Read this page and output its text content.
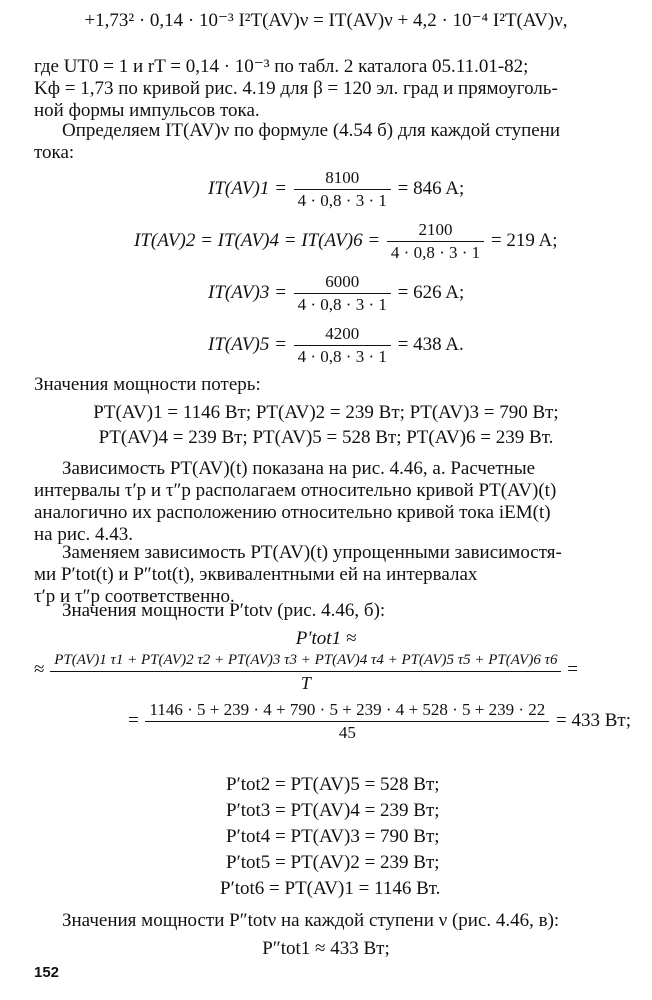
+1,73² · 0,14 · 10⁻³ I²T(AV)ν = IT(AV)ν + 4,2 · 10⁻⁴ I²T(AV)ν,
где UT0 = 1 и rT = 0,14 · 10⁻³ по табл. 2 каталога 05.11.01-82;
Kф = 1,73 по кривой рис. 4.19 для β = 120 эл. град и прямоуголь-
ной формы импульсов тока.
Определяем IT(AV)ν по формуле (4.54 б) для каждой ступени
тока:
$IT(AV)1 = \frac{8100}{4 \cdot 0,8 \cdot 3 \cdot 1} = 846$ A;
$IT(AV)2 = IT(AV)4 = IT(AV)6 = \frac{2100}{4 \cdot 0,8 \cdot 3 \cdot 1} = 219$ A;
$IT(AV)3 = \frac{6000}{4 \cdot 0,8 \cdot 3 \cdot 1} = 626$ A;
$IT(AV)5 = \frac{4200}{4 \cdot 0,8 \cdot 3 \cdot 1} = 438$ A.
Значения мощности потерь:
PT(AV)1 = 1146 Вт; PT(AV)2 = 239 Вт; PT(AV)3 = 790 Вт;
PT(AV)4 = 239 Вт; PT(AV)5 = 528 Вт; PT(AV)6 = 239 Вт.
Зависимость PT(AV)(t) показана на рис. 4.46, а. Расчетные
интервалы τ′p и τ″p располагаем относительно кривой PT(AV)(t)
аналогично их расположению относительно кривой тока iEM(t)
на рис. 4.43.
Заменяем зависимость PT(AV)(t) упрощенными зависимостя-
ми P′tot(t) и P″tot(t), эквивалентными ей на интервалах
τ′p и τ″p соответственно.
Значения мощности P′totν (рис. 4.46, б):
P′tot1 ≈
≈ PT(AV)1 τ1 + PT(AV)2 τ2 + PT(AV)3 τ3 + PT(AV)4 τ4 + PT(AV)5 τ5 + PT(AV)6 τ6
T
=
= $\frac{1146 \cdot 5 + 239 \cdot 4 + 790 \cdot 5 + 239 \cdot 4 + 528 \cdot 5 + 239 \cdot 22}{45} = 433$ Вт;
P′tot2 = PT(AV)5 = 528 Вт;
P′tot3 = PT(AV)4 = 239 Вт;
P′tot4 = PT(AV)3 = 790 Вт;
P′tot5 = PT(AV)2 = 239 Вт;
P′tot6 = PT(AV)1 = 1146 Вт.
Значения мощности P″totν на каждой ступени ν (рис. 4.46, в):
P″tot1 ≈ 433 Вт;
152
